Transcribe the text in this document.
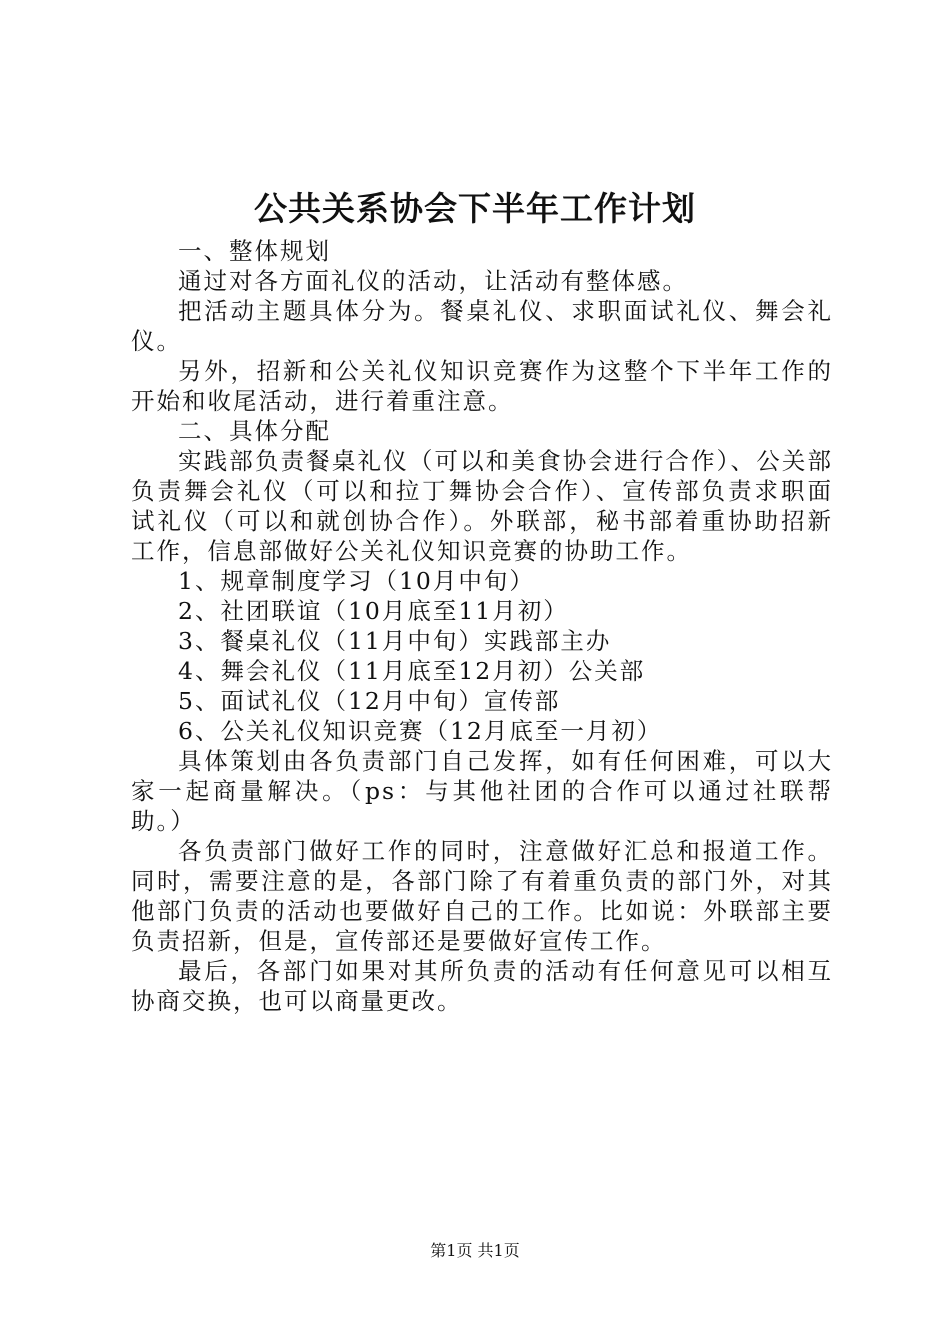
公共关系协会下半年工作计划

一、整体规划

通过对各方面礼仪的活动，让活动有整体感。

把活动主题具体分为。餐桌礼仪、求职面试礼仪、舞会礼仪。

另外，招新和公关礼仪知识竞赛作为这整个下半年工作的开始和收尾活动，进行着重注意。

二、具体分配

实践部负责餐桌礼仪（可以和美食协会进行合作）、公关部负责舞会礼仪（可以和拉丁舞协会合作）、宣传部负责求职面试礼仪（可以和就创协合作）。外联部，秘书部着重协助招新工作，信息部做好公关礼仪知识竞赛的协助工作。

1、规章制度学习（10月中旬）

2、社团联谊（10月底至11月初）

3、餐桌礼仪（11月中旬）实践部主办

4、舞会礼仪（11月底至12月初）公关部

5、面试礼仪（12月中旬）宣传部

6、公关礼仪知识竞赛（12月底至一月初）

具体策划由各负责部门自己发挥，如有任何困难，可以大家一起商量解决。（ps：与其他社团的合作可以通过社联帮助。）

各负责部门做好工作的同时，注意做好汇总和报道工作。同时，需要注意的是，各部门除了有着重负责的部门外，对其他部门负责的活动也要做好自己的工作。比如说：外联部主要负责招新，但是，宣传部还是要做好宣传工作。

最后，各部门如果对其所负责的活动有任何意见可以相互协商交换，也可以商量更改。

第1页 共1页
